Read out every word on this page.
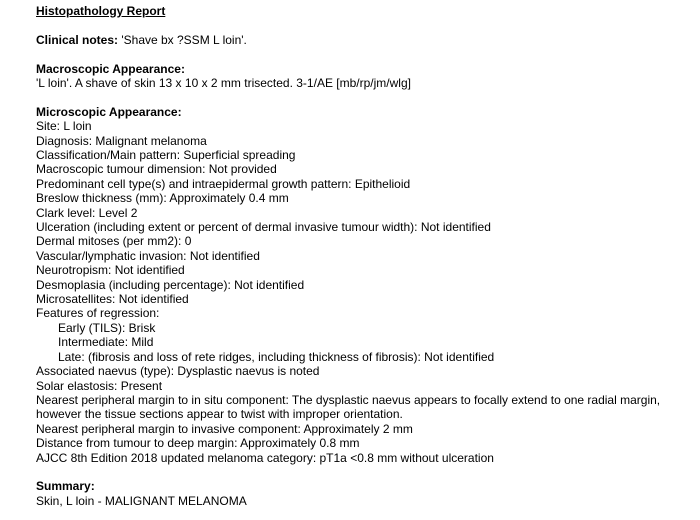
Histopathology Report
Clinical notes: 'Shave bx ?SSM L loin'.
Macroscopic Appearance:
'L loin'. A shave of skin 13 x 10 x 2 mm trisected. 3-1/AE [mb/rp/jm/wlg]
Microscopic Appearance:
Site: L loin
Diagnosis: Malignant melanoma
Classification/Main pattern: Superficial spreading
Macroscopic tumour dimension: Not provided
Predominant cell type(s) and intraepidermal growth pattern: Epithelioid
Breslow thickness (mm): Approximately 0.4 mm
Clark level: Level 2
Ulceration (including extent or percent of dermal invasive tumour width): Not identified
Dermal mitoses (per mm2): 0
Vascular/lymphatic invasion: Not identified
Neurotropism: Not identified
Desmoplasia (including percentage): Not identified
Microsatellites: Not identified
Features of regression:
Early (TILS): Brisk
Intermediate: Mild
Late: (fibrosis and loss of rete ridges, including thickness of fibrosis): Not identified
Associated naevus (type): Dysplastic naevus is noted
Solar elastosis: Present
Nearest peripheral margin to in situ component: The dysplastic naevus appears to focally extend to one radial margin,
however the tissue sections appear to twist with improper orientation.
Nearest peripheral margin to invasive component: Approximately 2 mm
Distance from tumour to deep margin: Approximately 0.8 mm
AJCC 8th Edition 2018 updated melanoma category: pT1a <0.8 mm without ulceration
Summary:
Skin, L loin - MALIGNANT MELANOMA
